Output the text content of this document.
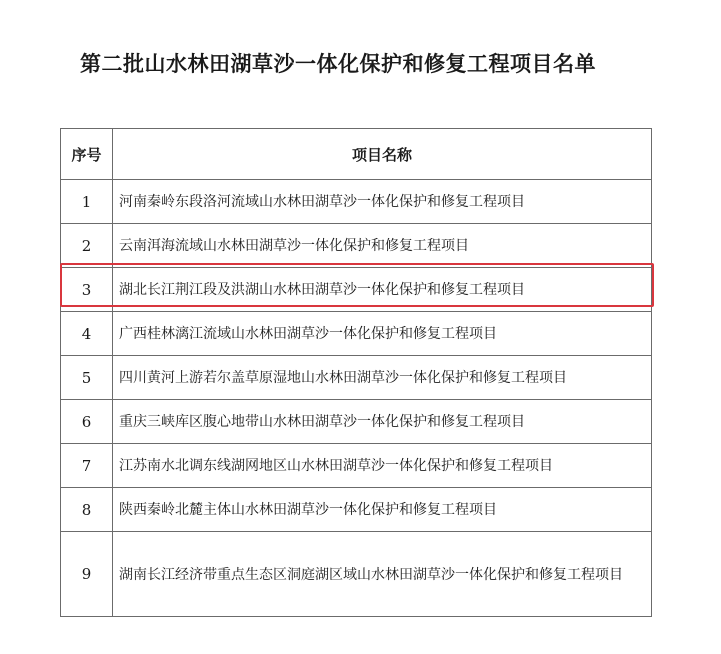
第二批山水林田湖草沙一体化保护和修复工程项目名单
序号	项目名称
1	河南秦岭东段洛河流域山水林田湖草沙一体化保护和修复工程项目
2	云南洱海流域山水林田湖草沙一体化保护和修复工程项目
3	湖北长江荆江段及洪湖山水林田湖草沙一体化保护和修复工程项目
4	广西桂林漓江流域山水林田湖草沙一体化保护和修复工程项目
5	四川黄河上游若尔盖草原湿地山水林田湖草沙一体化保护和修复工程项目
6	重庆三峡库区腹心地带山水林田湖草沙一体化保护和修复工程项目
7	江苏南水北调东线湖网地区山水林田湖草沙一体化保护和修复工程项目
8	陕西秦岭北麓主体山水林田湖草沙一体化保护和修复工程项目
9	湖南长江经济带重点生态区洞庭湖区域山水林田湖草沙一体化保护和修复工程项目
